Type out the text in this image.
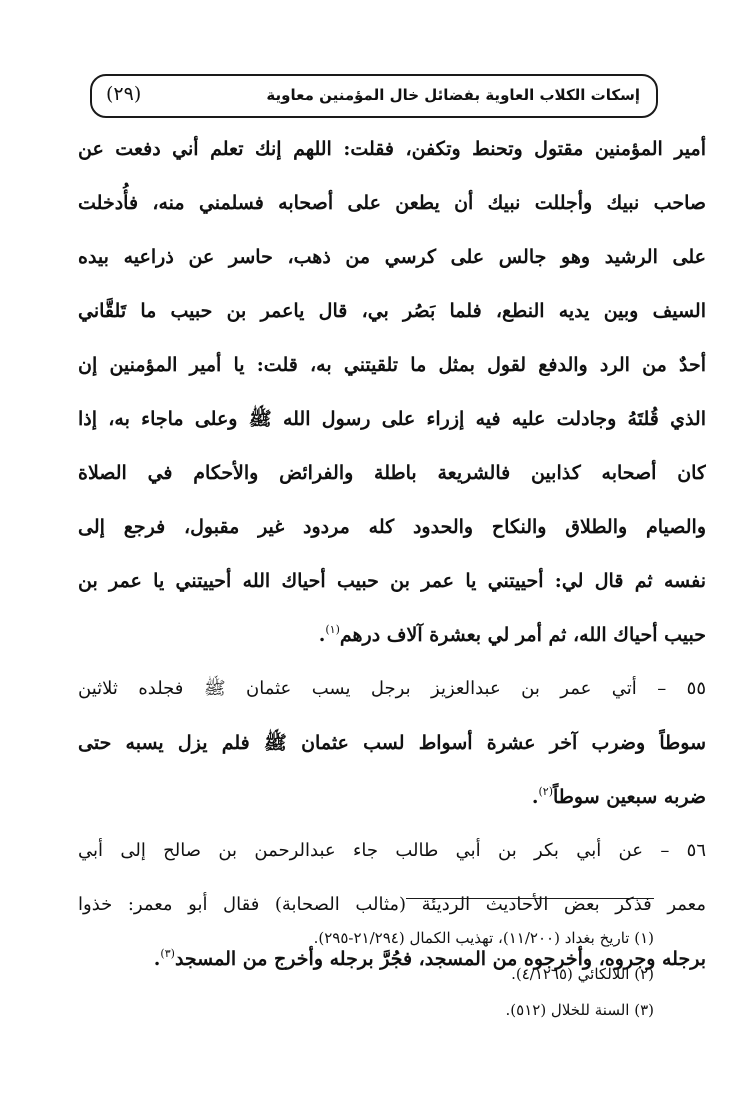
إسكات الكلاب العاوية بفضائل خال المؤمنين معاوية
(٢٩)
أمير المؤمنين مقتول وتحنط وتكفن، فقلت: اللهم إنك تعلم أني دفعت عن
صاحب نبيك وأجللت نبيك أن يطعن على أصحابه فسلمني منه، فأُدخلت
على الرشيد وهو جالس على كرسي من ذهب، حاسر عن ذراعيه بيده
السيف وبين يديه النطع، فلما بَصُر بي، قال ياعمر بن حبيب ما تَلقَّاني
أحدٌ من الرد والدفع لقول بمثل ما تلقيتني به، قلت: يا أمير المؤمنين إن
الذي قُلتَهُ وجادلت عليه فيه إزراء على رسول الله ﷺ وعلى ماجاء به، إذا
كان أصحابه كذابين فالشريعة باطلة والفرائض والأحكام في الصلاة
والصيام والطلاق والنكاح والحدود كله مردود غير مقبول، فرجع إلى
نفسه ثم قال لي: أحييتني يا عمر بن حبيب أحياك الله أحييتني يا عمر بن
حبيب أحياك الله، ثم أمر لي بعشرة آلاف درهم$^{(١)}$.
٥٥ – أتي عمر بن عبدالعزيز برجل يسب عثمان ﷺ فجلده ثلاثين
سوطاً وضرب آخر عشرة أسواط لسب عثمان ﷺ فلم يزل يسبه حتى
ضربه سبعين سوطاً$^{(٢)}$.
٥٦ – عن أبي بكر بن أبي طالب جاء عبدالرحمن بن صالح إلى أبي
معمر فذكر بعض الأحاديث الرديئة (مثالب الصحابة) فقال أبو معمر: خذوا
برجله وجروه، وأخرجوه من المسجد، فجُرَّ برجله وأخرج من المسجد$^{(٣)}$.
(١) تاريخ بغداد (١١/٢٠٠)، تهذيب الكمال (٢١/٢٩٤-٢٩٥).
(٢) اللالكائي (٤/١٢٦٥).
(٣) السنة للخلال (٥١٢).
